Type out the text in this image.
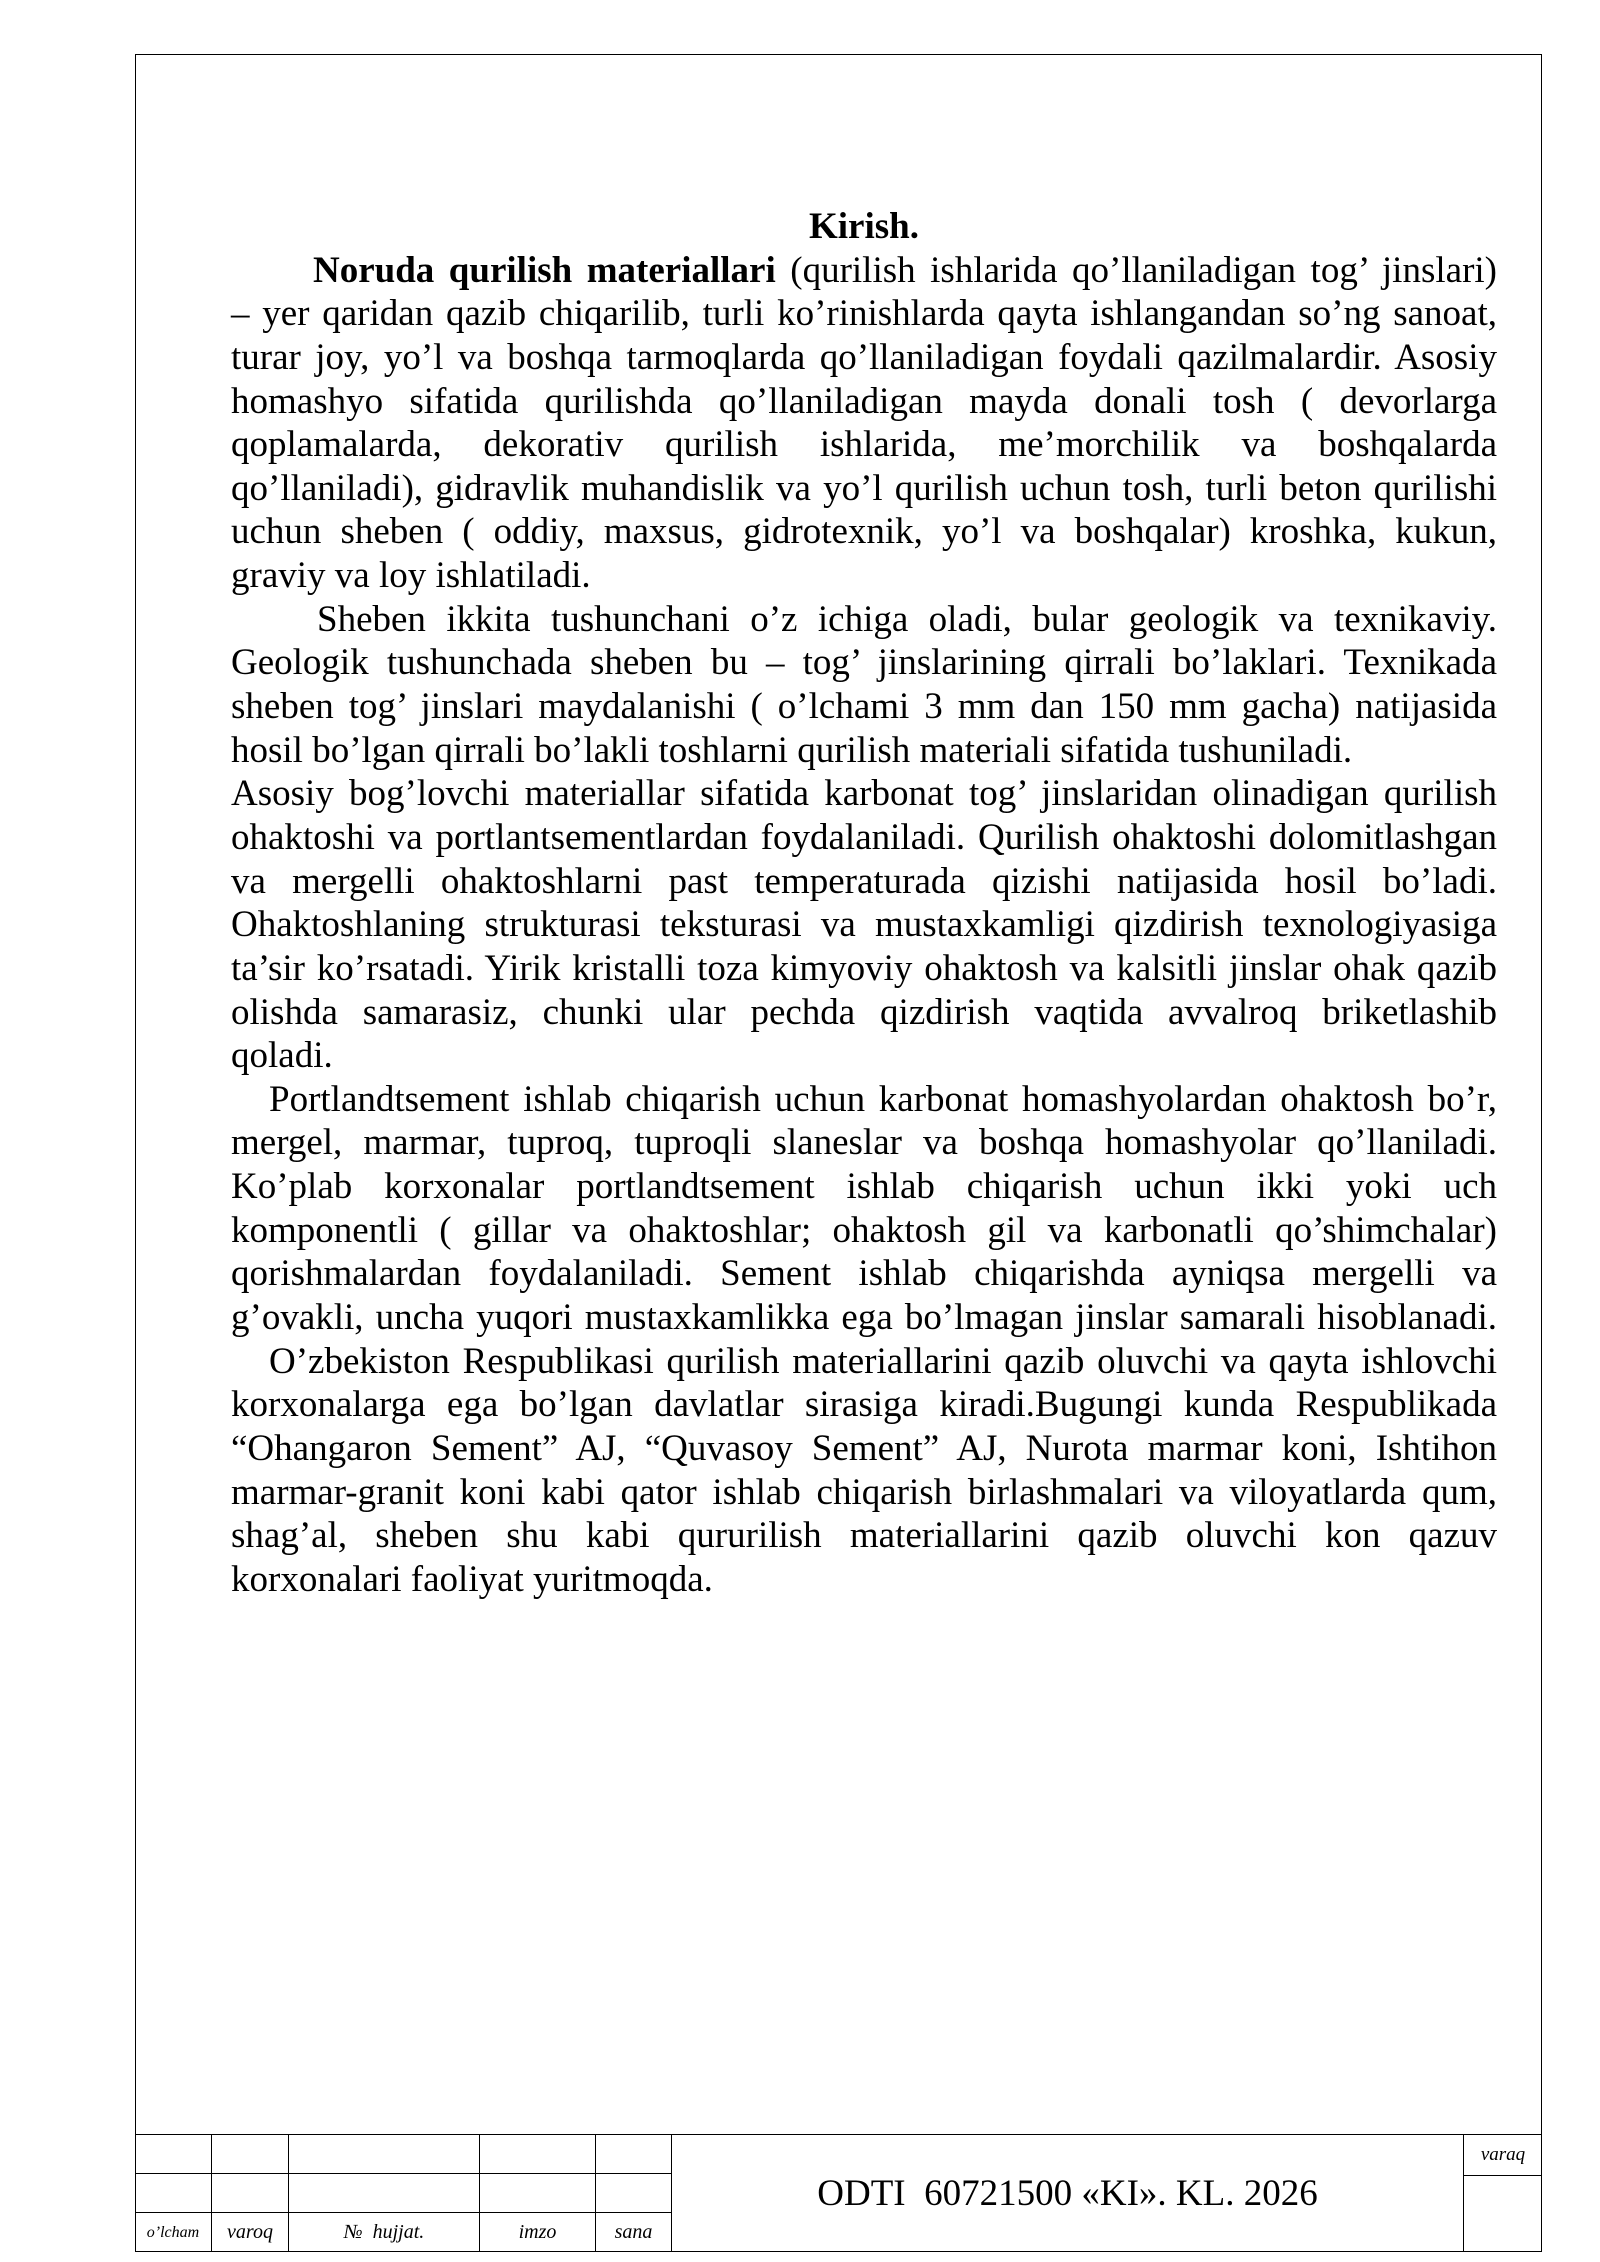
Kirish.
Noruda qurilish materiallari (qurilish ishlarida qo’llaniladigan tog’ jinslari)
– yer qaridan qazib chiqarilib, turli ko’rinishlarda qayta ishlangandan so’ng sanoat,
turar joy, yo’l va boshqa tarmoqlarda qo’llaniladigan foydali qazilmalardir. Asosiy
homashyo sifatida qurilishda qo’llaniladigan mayda donali tosh ( devorlarga
qoplamalarda, dekorativ qurilish ishlarida, me’morchilik va boshqalarda
qo’llaniladi), gidravlik muhandislik va yo’l qurilish uchun tosh, turli beton qurilishi
uchun sheben ( oddiy, maxsus, gidrotexnik, yo’l va boshqalar) kroshka, kukun,
graviy va loy ishlatiladi.
Sheben ikkita tushunchani o’z ichiga oladi, bular geologik va texnikaviy.
Geologik tushunchada sheben bu – tog’ jinslarining qirrali bo’laklari. Texnikada
sheben tog’ jinslari maydalanishi ( o’lchami 3 mm dan 150 mm gacha) natijasida
hosil bo’lgan qirrali bo’lakli toshlarni qurilish materiali sifatida tushuniladi.
Asosiy bog’lovchi materiallar sifatida karbonat tog’ jinslaridan olinadigan qurilish
ohaktoshi va portlantsementlardan foydalaniladi. Qurilish ohaktoshi dolomitlashgan
va mergelli ohaktoshlarni past temperaturada qizishi natijasida hosil bo’ladi.
Ohaktoshlaning strukturasi teksturasi va mustaxkamligi qizdirish texnologiyasiga
ta’sir ko’rsatadi. Yirik kristalli toza kimyoviy ohaktosh va kalsitli jinslar ohak qazib
olishda samarasiz, chunki ular pechda qizdirish vaqtida avvalroq briketlashib
qoladi.
Portlandtsement ishlab chiqarish uchun karbonat homashyolardan ohaktosh bo’r,
mergel, marmar, tuproq, tuproqli slaneslar va boshqa homashyolar qo’llaniladi.
Ko’plab korxonalar portlandtsement ishlab chiqarish uchun ikki yoki uch
komponentli ( gillar va ohaktoshlar; ohaktosh gil va karbonatli qo’shimchalar)
qorishmalardan foydalaniladi. Sement ishlab chiqarishda ayniqsa mergelli va
g’ovakli, uncha yuqori mustaxkamlikka ega bo’lmagan jinslar samarali hisoblanadi.
O’zbekiston Respublikasi qurilish materiallarini qazib oluvchi va qayta ishlovchi
korxonalarga ega bo’lgan davlatlar sirasiga kiradi.Bugungi kunda Respublikada
“Ohangaron Sement” AJ, “Quvasoy Sement” AJ, Nurota marmar koni, Ishtihon
marmar-granit koni kabi qator ishlab chiqarish birlashmalari va viloyatlarda qum,
shag’al, sheben shu kabi qururilish materiallarini qazib oluvchi kon qazuv
korxonalari faoliyat yuritmoqda.
o’lcham	varoq	№  hujjat.	imzo	sana
ODTI  60721500 «KI». KL. 2026
varaq
